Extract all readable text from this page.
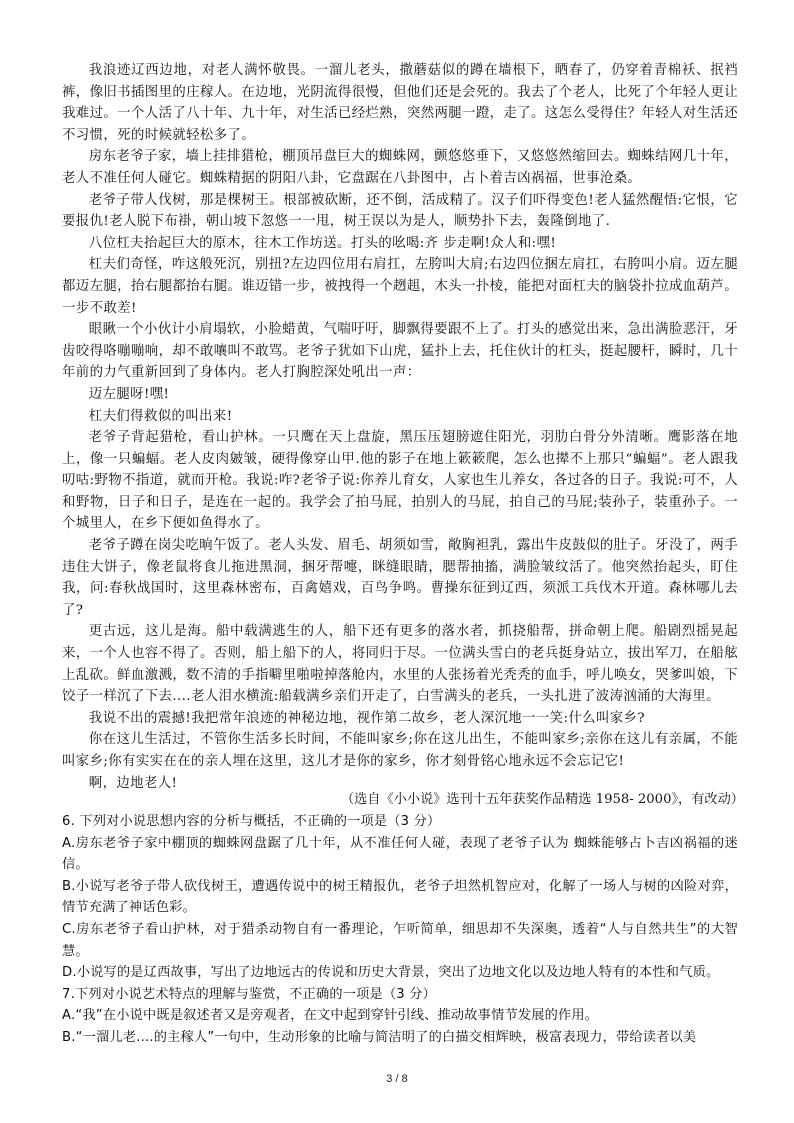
我浪迹辽西边地，对老人满怀敬畏。一溜儿老头，撒蘑菇似的蹲在墙根下，晒春了，仍穿着青棉袄、抿裆裤，像旧书插图里的庄稼人。在边地，光阴流得很慢，但他们还是会死的。我去了个老人，比死了个年轻人更让我难过。一个人活了八十年、九十年，对生活已经烂熟，突然两腿一蹬，走了。这怎么受得住？年轻人对生活还不习惯，死的时候就轻松多了。

房东老爷子家，墙上挂排猎枪，棚顶吊盘巨大的蜘蛛网，颤悠悠垂下，又悠悠然缩回去。蜘蛛结网几十年，老人不准任何人碰它。蜘蛛精据的阴阳八卦，它盘踞在八卦图中，占卜着吉凶祸福，世事沧桑。

老爷子带人伐树，那是棵树王。根部被砍断，还不倒，活成精了。汉子们吓得变色!老人猛然醒悟:它恨，它要报仇!老人脱下布褂，朝山坡下忽悠一一甩，树王误以为是人，顺势扑下去，轰隆倒地了.

八位杠夫抬起巨大的原木，往木工作坊送。打头的吆喝:齐 步走啊!众人和:嘿!

杠夫们奇怪，咋这般死沉，别扭?左边四位用右肩扛，左胯叫大肩;右边四位捆左肩扛，右胯叫小肩。迈左腿都迈左腿，抬右腿都抬右腿。谁迈错一步，被拽得一个趔趄，木头一扑棱，能把对面杠夫的脑袋扑拉成血葫芦。一步不敢差!

眼瞅一个小伙计小肩塌软，小脸蜡黄，气喘吁吁，脚飘得要跟不上了。打头的感觉出来，急出满脸恶汗，牙齿咬得咯嘣嘣响，却不敢嚷叫不敢骂。老爷子犹如下山虎，猛扑上去，托住伙计的杠头，挺起腰杆，瞬时，几十年前的力气重新回到了身体内。老人打胸腔深处吼出一声：

迈左腿呀!嘿!

杠夫们得救似的叫出来!

老爷子背起猎枪，看山护林。一只鹰在天上盘旋，黑压压翅膀遮住阳光，羽肋白骨分外清晰。鹰影落在地上，像一只蝙蝠。老人皮肉皴皱，硬得像穿山甲.他的影子在地上簌簌爬，怎么也撵不上那只“蝙蝠”。老人跟我叨咕:野物不指道，就而开枪。我说:咋?老爷子说:你养儿育女，人家也生儿养女，各过各的日子。我说:可不，人和野物，日子和日子，是连在一起的。我学会了拍马屁，拍别人的马屁，拍自己的马屁;装孙子，装重孙子。一个城里人，在乡下便如鱼得水了。

老爷子蹲在岗尖吃晌午饭了。老人头发、眉毛、胡须如雪，敞胸袒乳，露出牛皮鼓似的肚子。牙没了，两手违住大饼子，像老鼠将食儿拖进黑洞，捆牙帮嚏，眯缝眼睛，腮帮抽搐，满脸皱纹活了。他突然抬起头，盯住我，问:春秋战国时，这里森林密布，百禽嬉戏，百鸟争鸣。曹操东征到辽西，须派工兵伐木开道。森林哪儿去了?

更古远，这儿是海。船中载满逃生的人，船下还有更多的落水者，抓挠船帮，拼命朝上爬。船剧烈摇晃起来，一个人也容不得了。否则，船上船下的人，将同归于尽。一位满头雪白的老兵挺身站立，拔出军刀，在船舷上乱砍。鲜血激溅，数不清的手指噼里啪啦掉落舱内，水里的人张扬着光秃秃的血手，呼儿唤女，哭爹叫娘，下饺子一样沉了下去....老人泪水横流:船载满乡亲们开走了，白雪满头的老兵，一头扎进了波涛汹涌的大海里。

我说不出的震撼!我把常年浪迹的神秘边地，视作第二故乡，老人深沉地一一笑:什么叫家乡?

你在这儿生活过，不管你生活多长时间，不能叫家乡;你在这儿出生，不能叫家乡;亲你在这儿有亲属，不能叫家乡;你有实实在在的亲人埋在这里，这儿才是你的家乡，你才刻骨铭心地永远不会忘记它!

啊，边地老人!

（选自《小小说》选刊十五年获奖作品精选 1958- 2000》，有改动）

6. 下列对小说思想内容的分析与概括，不正确的一项是（3 分）

A.房东老爷子家中棚顶的蜘蛛网盘踞了几十年，从不准任何人碰，表现了老爷子认为 蜘蛛能够占卜吉凶祸福的迷信。

B.小说写老爷子带人砍伐树王，遭遇传说中的树王精报仇，老爷子坦然机智应对，化解了一场人与树的凶险对弈，情节充满了神话色彩。

C.房东老爷子看山护林，对于猎杀动物自有一番理论，乍听简单，细思却不失深奥，透着“人与自然共生”的大智慧。

D.小说写的是辽西故事，写出了边地远古的传说和历史大背景，突出了边地文化以及边地人特有的本性和气质。

7.下列对小说艺术特点的理解与鉴赏，不正确的一项是（3 分）

A.“我”在小说中既是叙述者又是旁观者，在文中起到穿针引线、推动故事情节发展的作用。

B.“一溜儿老....的主稼人”一句中，生动形象的比喻与简洁明了的白描交相辉映，极富表现力，带给读者以美

3 / 8
